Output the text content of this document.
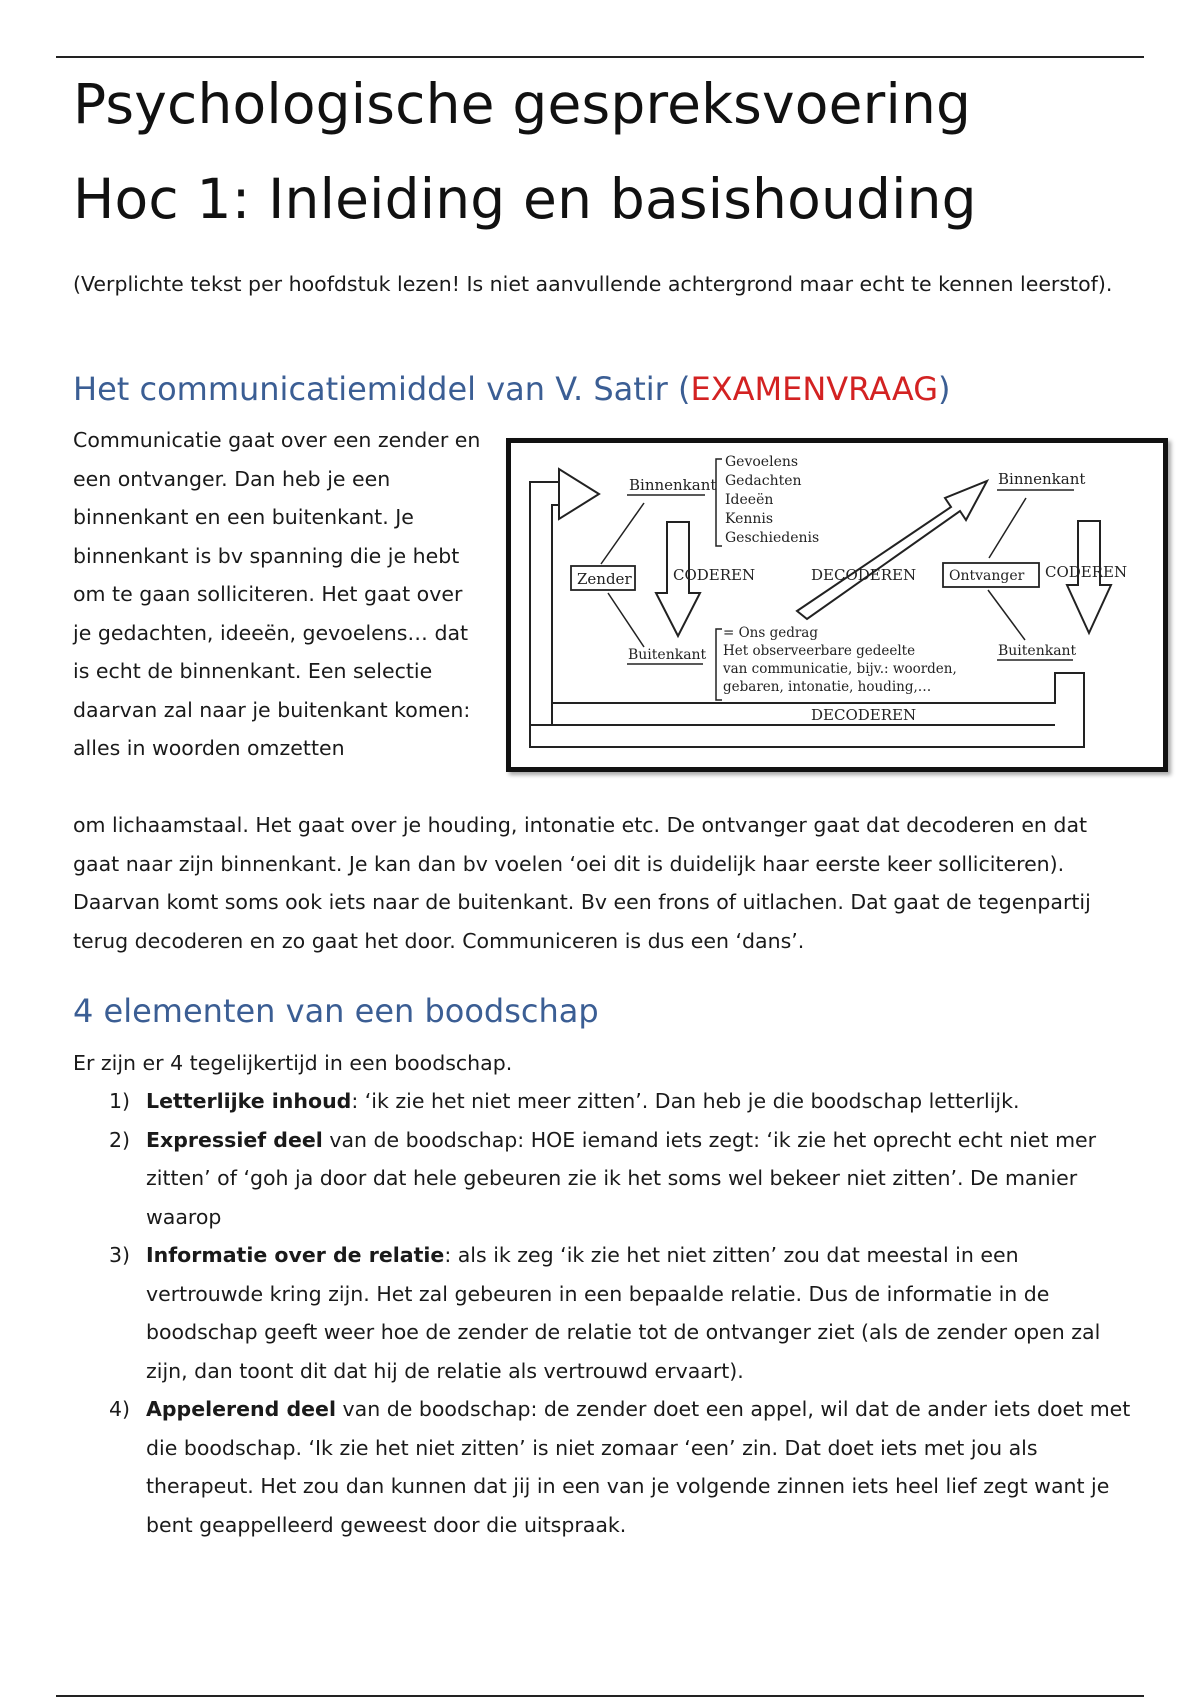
Psychologische gespreksvoering
Hoc 1: Inleiding en basishouding

(Verplichte tekst per hoofdstuk lezen! Is niet aanvullende achtergrond maar echt te kennen leerstof).

Het communicatiemiddel van V. Satir (EXAMENVRAAG)

Communicatie gaat over een zender en een ontvanger. Dan heb je een binnenkant en een buitenkant. Je binnenkant is bv spanning die je hebt om te gaan solliciteren. Het gaat over je gedachten, ideeën, gevoelens… dat is echt de binnenkant. Een selectie daarvan zal naar je buitenkant komen: alles in woorden omzetten

om lichaamstaal. Het gaat over je houding, intonatie etc. De ontvanger gaat dat decoderen en dat gaat naar zijn binnenkant. Je kan dan bv voelen ‘oei dit is duidelijk haar eerste keer solliciteren). Daarvan komt soms ook iets naar de buitenkant. Bv een frons of uitlachen. Dat gaat de tegenpartij terug decoderen en zo gaat het door. Communiceren is dus een ‘dans’.

Binnenkant
Gevoelens
Gedachten
Ideeën
Kennis
Geschiedenis
Zender	CODEREN
Buitenkant
= Ons gedrag
Het observeerbare gedeelte
van communicatie, bijv.: woorden,
gebaren, intonatie, houding,…
DECODEREN
Binnenkant
Ontvanger CODEREN
Buitenkant
DECODEREN
4 elementen van een boodschap

Er zijn er 4 tegelijkertijd in een boodschap.

1) Letterlijke inhoud: ‘ik zie het niet meer zitten’. Dan heb je die boodschap letterlijk.
2) Expressief deel van de boodschap: HOE iemand iets zegt: ‘ik zie het oprecht echt niet mer zitten’ of ‘goh ja door dat hele gebeuren zie ik het soms wel bekeer niet zitten’. De manier waarop
3) Informatie over de relatie: als ik zeg ‘ik zie het niet zitten’ zou dat meestal in een vertrouwde kring zijn. Het zal gebeuren in een bepaalde relatie. Dus de informatie in de boodschap geeft weer hoe de zender de relatie tot de ontvanger ziet (als de zender open zal zijn, dan toont dit dat hij de relatie als vertrouwd ervaart).
4) Appelerend deel van de boodschap: de zender doet een appel, wil dat de ander iets doet met die boodschap. ‘Ik zie het niet zitten’ is niet zomaar ‘een’ zin. Dat doet iets met jou als therapeut. Het zou dan kunnen dat jij in een van je volgende zinnen iets heel lief zegt want je bent geappelleerd geweest door die uitspraak.
